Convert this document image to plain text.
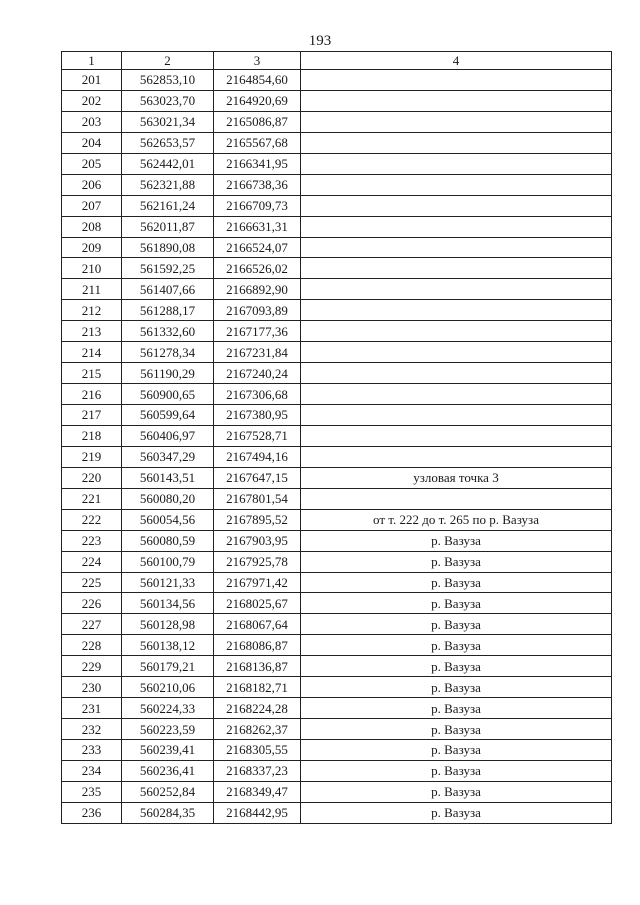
193
1	2	3	4
201	562853,10	2164854,60	
202	563023,70	2164920,69	
203	563021,34	2165086,87	
204	562653,57	2165567,68	
205	562442,01	2166341,95	
206	562321,88	2166738,36	
207	562161,24	2166709,73	
208	562011,87	2166631,31	
209	561890,08	2166524,07	
210	561592,25	2166526,02	
211	561407,66	2166892,90	
212	561288,17	2167093,89	
213	561332,60	2167177,36	
214	561278,34	2167231,84	
215	561190,29	2167240,24	
216	560900,65	2167306,68	
217	560599,64	2167380,95	
218	560406,97	2167528,71	
219	560347,29	2167494,16	
220	560143,51	2167647,15	узловая точка 3
221	560080,20	2167801,54	
222	560054,56	2167895,52	от т. 222 до т. 265 по р. Вазуза
223	560080,59	2167903,95	р. Вазуза
224	560100,79	2167925,78	р. Вазуза
225	560121,33	2167971,42	р. Вазуза
226	560134,56	2168025,67	р. Вазуза
227	560128,98	2168067,64	р. Вазуза
228	560138,12	2168086,87	р. Вазуза
229	560179,21	2168136,87	р. Вазуза
230	560210,06	2168182,71	р. Вазуза
231	560224,33	2168224,28	р. Вазуза
232	560223,59	2168262,37	р. Вазуза
233	560239,41	2168305,55	р. Вазуза
234	560236,41	2168337,23	р. Вазуза
235	560252,84	2168349,47	р. Вазуза
236	560284,35	2168442,95	р. Вазуза
